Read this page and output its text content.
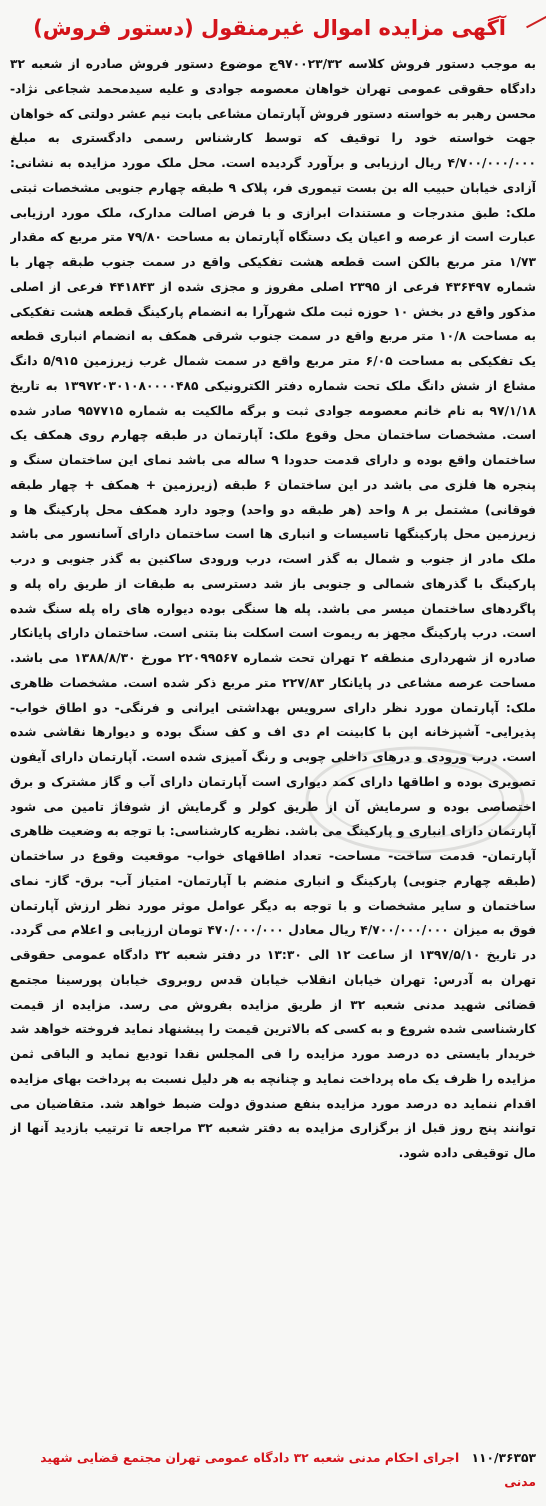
آگهی مزایده اموال غیرمنقول (دستور فروش)
به موجب دستور فروش کلاسه ۹۷۰۰۲۳/۳۲ج موضوع دستور فروش صادره از شعبه ۳۲ دادگاه حقوقی عمومی تهران خواهان معصومه جوادی و علیه سیدمحمد شجاعی نژاد- محسن رهبر به خواسته دستور فروش آپارتمان مشاعی بابت نیم عشر دولتی که خواهان جهت خواسته خود را توقیف که توسط کارشناس رسمی دادگستری به مبلغ ۴/۷۰۰/۰۰۰/۰۰۰ ریال ارزیابی و برآورد گردیده است. محل ملک مورد مزایده به نشانی: آزادی خیابان حبیب اله بن بست تیموری فر، پلاک ۹ طبقه چهارم جنوبی مشخصات ثبتی ملک: طبق مندرجات و مستندات ابرازی و با فرض اصالت مدارک، ملک مورد ارزیابی عبارت است از عرصه و اعیان یک دستگاه آپارتمان به مساحت ۷۹/۸۰ متر مربع که مقدار ۱/۷۳ متر مربع بالکن است قطعه هشت تفکیکی واقع در سمت جنوب طبقه چهار با شماره ۴۳۶۴۹۷ فرعی از ۲۳۹۵ اصلی مفروز و مجزی شده از ۴۴۱۸۴۳ فرعی از اصلی مذکور واقع در بخش ۱۰ حوزه ثبت ملک شهرآرا به انضمام پارکینگ قطعه هشت تفکیکی به مساحت ۱۰/۸ متر مربع واقع در سمت جنوب شرقی همکف به انضمام انباری قطعه یک تفکیکی به مساحت ۶/۰۵ متر مربع واقع در سمت شمال غرب زیرزمین ۵/۹۱۵ دانگ مشاع از شش دانگ ملک تحت شماره دفتر الکترونیکی ۱۳۹۷۲۰۳۰۱۰۸۰۰۰۰۴۸۵ به تاریخ ۹۷/۱/۱۸ به نام خانم معصومه جوادی ثبت و برگه مالکیت به شماره ۹۵۷۷۱۵ صادر شده است. مشخصات ساختمان محل وقوع ملک: آپارتمان در طبقه چهارم روی همکف یک ساختمان واقع بوده و دارای قدمت حدودا ۹ ساله می باشد نمای این ساختمان سنگ و پنجره ها فلزی می باشد در این ساختمان ۶ طبقه (زیرزمین + همکف + چهار طبقه فوقانی) مشتمل بر ۸ واحد (هر طبقه دو واحد) وجود دارد همکف محل پارکینگ ها و زیرزمین محل پارکینگها تاسیسات و انباری ها است ساختمان دارای آسانسور می باشد ملک مادر از جنوب و شمال به گذر است، درب ورودی ساکنین به گذر جنوبی و درب پارکینگ با گذرهای شمالی و جنوبی باز شد دسترسی به طبقات از طریق راه پله و پاگردهای ساختمان میسر می باشد. پله ها سنگی بوده دیواره های راه پله سنگ شده است. درب پارکینگ مجهز به ریموت است اسکلت بنا بتنی است. ساختمان دارای پایانکار صادره از شهرداری منطقه ۲ تهران تحت شماره ۲۲۰۹۹۵۶۷ مورخ ۱۳۸۸/۸/۳۰ می باشد. مساحت عرصه مشاعی در پایانکار ۲۲۷/۸۳ متر مربع ذکر شده است. مشخصات ظاهری ملک: آپارتمان مورد نظر دارای سرویس بهداشتی ایرانی و فرنگی- دو اطاق خواب- پذیرایی- آشپزخانه اپن با کابینت ام دی اف و کف سنگ بوده و دیوارها نقاشی شده است. درب ورودی و درهای داخلی چوبی و رنگ آمیزی شده است. آپارتمان دارای آیفون تصویری بوده و اطاقها دارای کمد دیواری است آپارتمان دارای آب و گاز مشترک و برق اختصاصی بوده و سرمایش آن از طریق کولر و گرمایش از شوفاژ تامین می شود آپارتمان دارای انباری و پارکینگ می باشد. نظریه کارشناسی: با توجه به وضعیت ظاهری آپارتمان- قدمت ساخت- مساحت- تعداد اطاقهای خواب- موقعیت وقوع در ساختمان (طبقه چهارم جنوبی) پارکینگ و انباری منضم با آپارتمان- امتیاز آب- برق- گاز- نمای ساختمان و سایر مشخصات و با توجه به دیگر عوامل موثر مورد نظر ارزش آپارتمان فوق به میزان ۴/۷۰۰/۰۰۰/۰۰۰ ریال معادل ۴۷۰/۰۰۰/۰۰۰ تومان ارزیابی و اعلام می گردد. در تاریخ ۱۳۹۷/۵/۱۰ از ساعت ۱۲ الی ۱۳:۳۰ در دفتر شعبه ۳۲ دادگاه عمومی حقوقی تهران به آدرس: تهران خیابان انقلاب خیابان قدس روبروی خیابان پورسینا مجتمع قضائی شهید مدنی شعبه ۳۲ از طریق مزایده بفروش می رسد. مزایده از قیمت کارشناسی شده شروع و به کسی که بالاترین قیمت را پیشنهاد نماید فروخته خواهد شد خریدار بایستی ده درصد مورد مزایده را فی المجلس نقدا تودیع نماید و الباقی ثمن مزایده را ظرف یک ماه پرداخت نماید و چنانچه به هر دلیل نسبت به پرداخت بهای مزایده اقدام ننماید ده درصد مورد مزایده بنفع صندوق دولت ضبط خواهد شد. متقاضیان می توانند پنج روز قبل از برگزاری مزایده به دفتر شعبه ۳۲ مراجعه تا ترتیب بازدید آنها از مال توقیفی داده شود.
۱۱۰/۳۶۳۵۳ اجرای احکام مدنی شعبه ۳۲ دادگاه عمومی تهران مجتمع قضایی شهید مدنی
